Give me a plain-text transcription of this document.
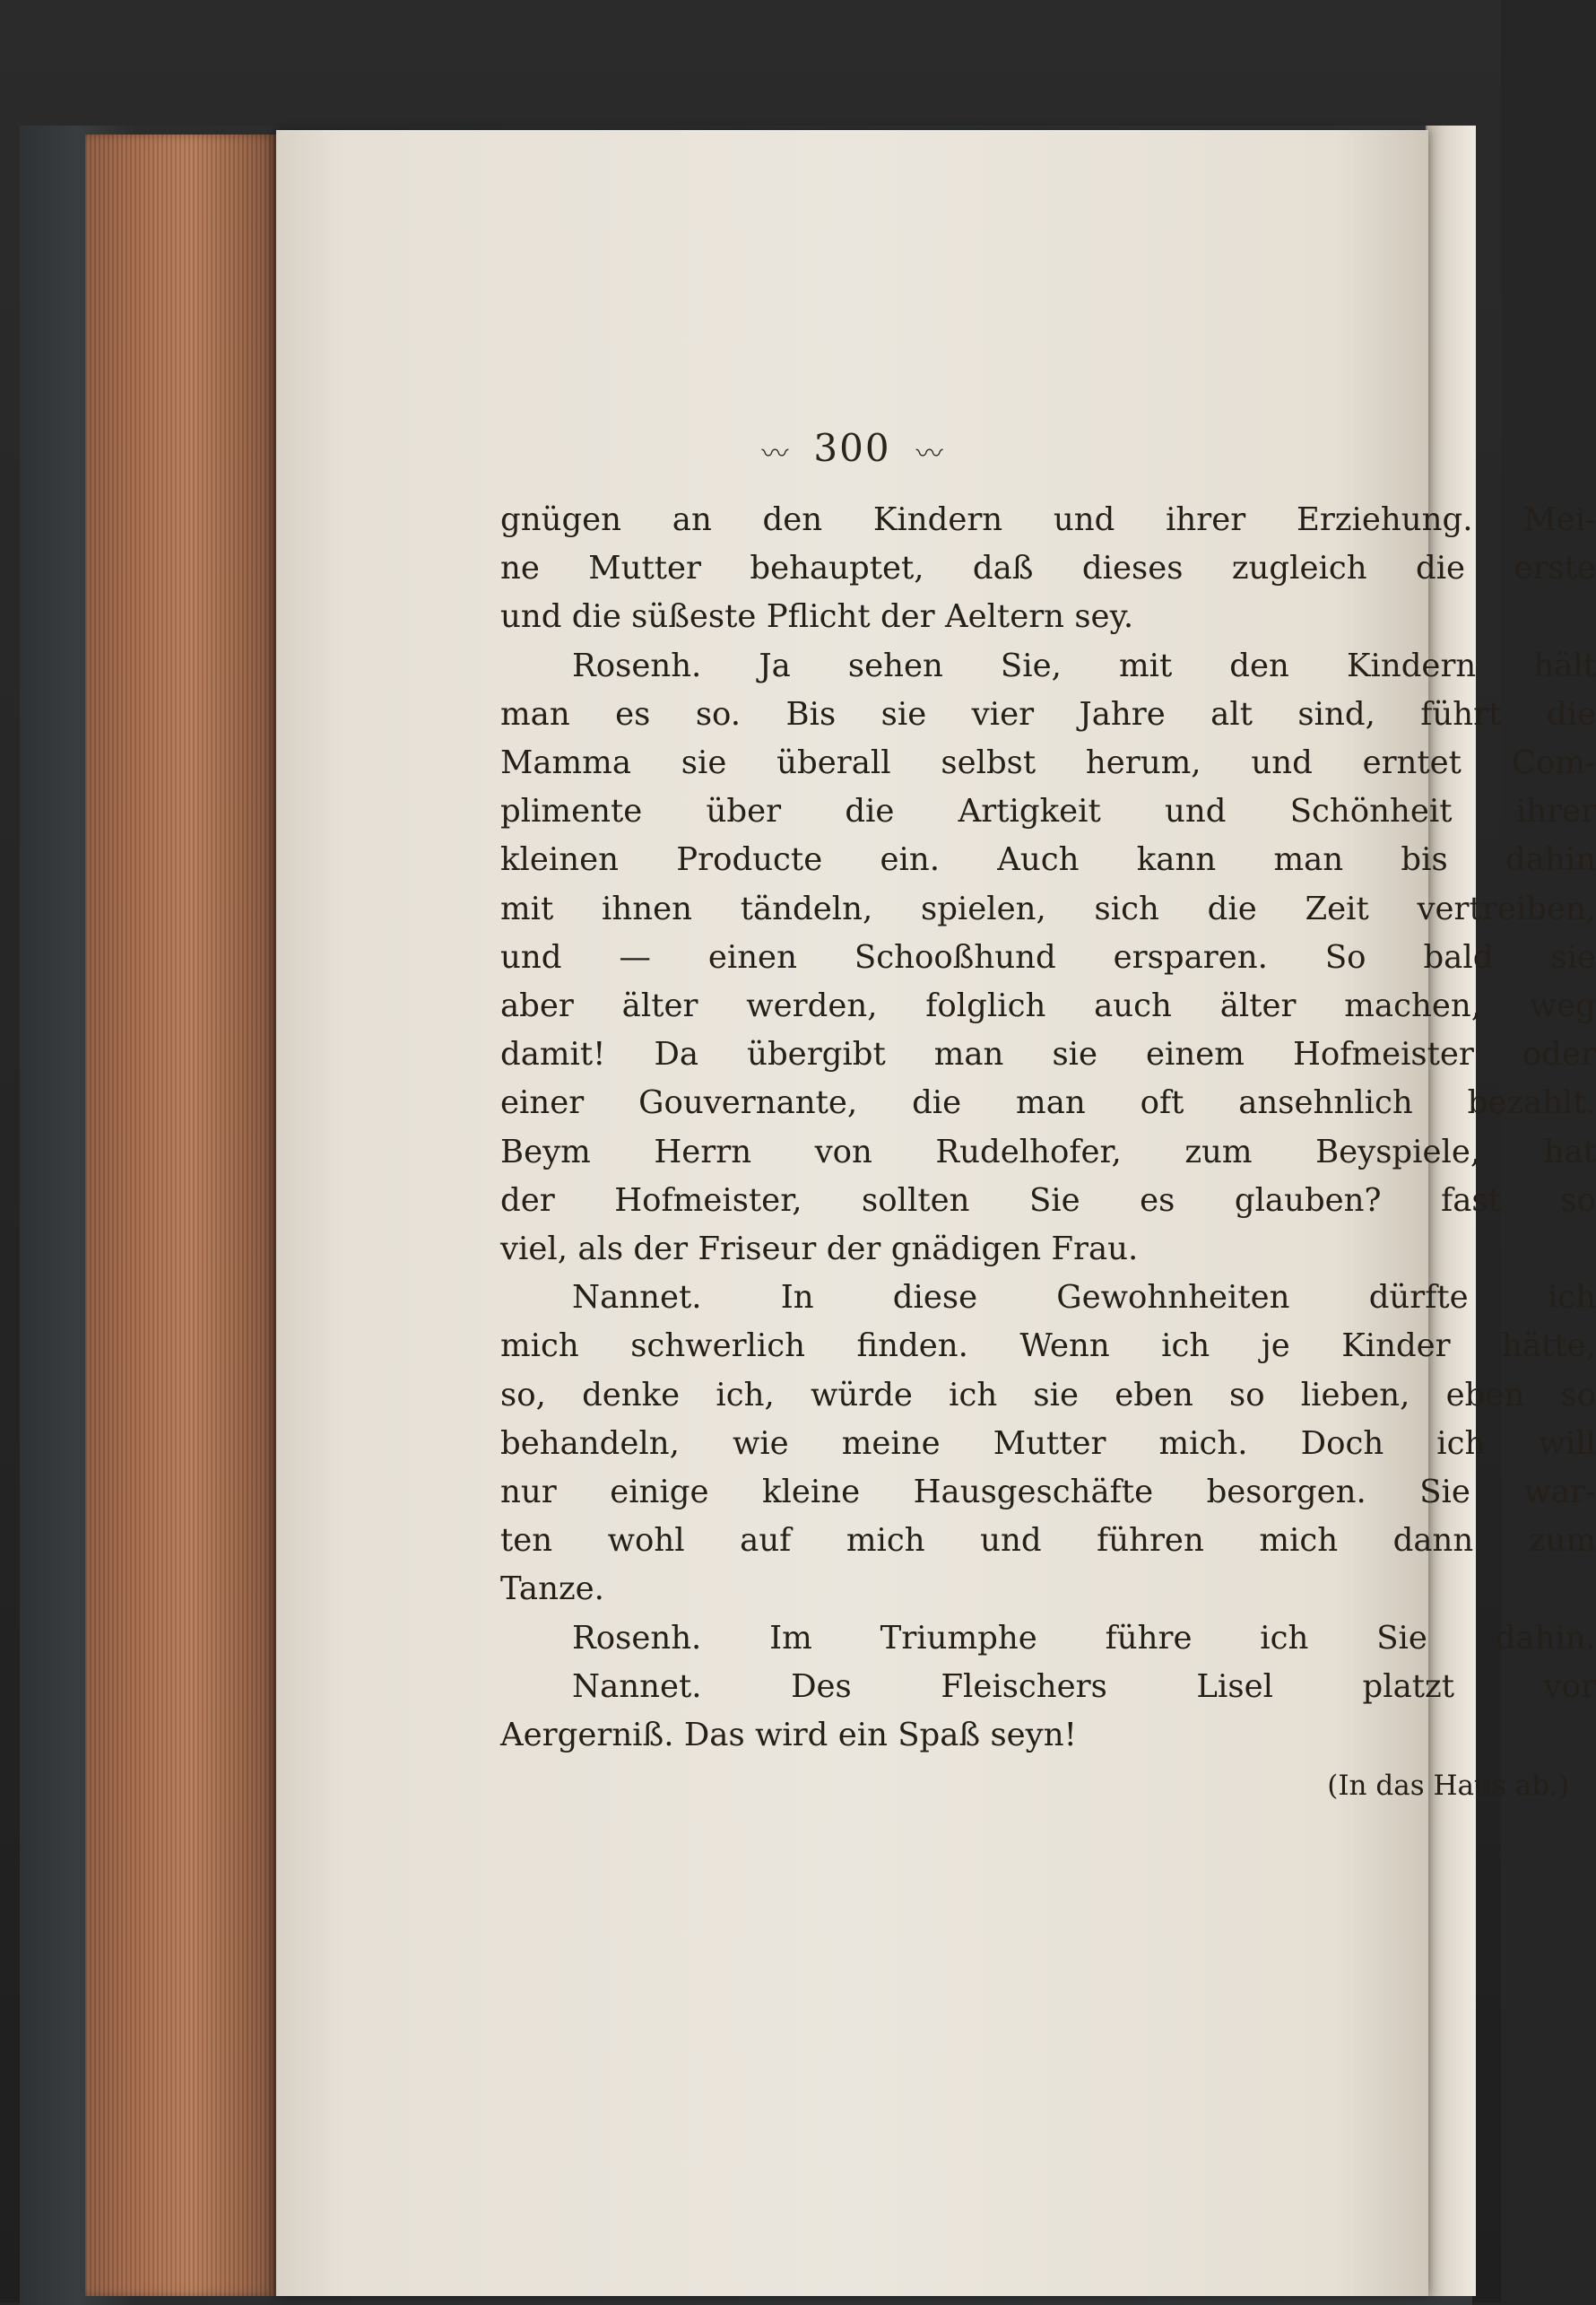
〰 300 〰
gnügen an den Kindern und ihrer Erziehung. Mei-
ne Mutter behauptet, daß dieses zugleich die erste
und die süßeste Pflicht der Aeltern sey.
Rosenh. Ja sehen Sie, mit den Kindern hält
man es so. Bis sie vier Jahre alt sind, führt die
Mamma sie überall selbst herum, und erntet Com-
plimente über die Artigkeit und Schönheit ihrer
kleinen Producte ein. Auch kann man bis dahin
mit ihnen tändeln, spielen, sich die Zeit vertreiben,
und — einen Schooßhund ersparen. So bald sie
aber älter werden, folglich auch älter machen, weg
damit! Da übergibt man sie einem Hofmeister oder
einer Gouvernante, die man oft ansehnlich bezahlt.
Beym Herrn von Rudelhofer, zum Beyspiele, hat
der Hofmeister, sollten Sie es glauben? fast so
viel, als der Friseur der gnädigen Frau.
Nannet. In diese Gewohnheiten dürfte ich
mich schwerlich finden. Wenn ich je Kinder hätte,
so, denke ich, würde ich sie eben so lieben, eben so
behandeln, wie meine Mutter mich. Doch ich will
nur einige kleine Hausgeschäfte besorgen. Sie war-
ten wohl auf mich und führen mich dann zum
Tanze.
Rosenh. Im Triumphe führe ich Sie dahin.
Nannet.	Des	Fleischers	Lisel	platzt	vor
Aergerniß. Das wird ein Spaß seyn!
(In das Haus ab.)
